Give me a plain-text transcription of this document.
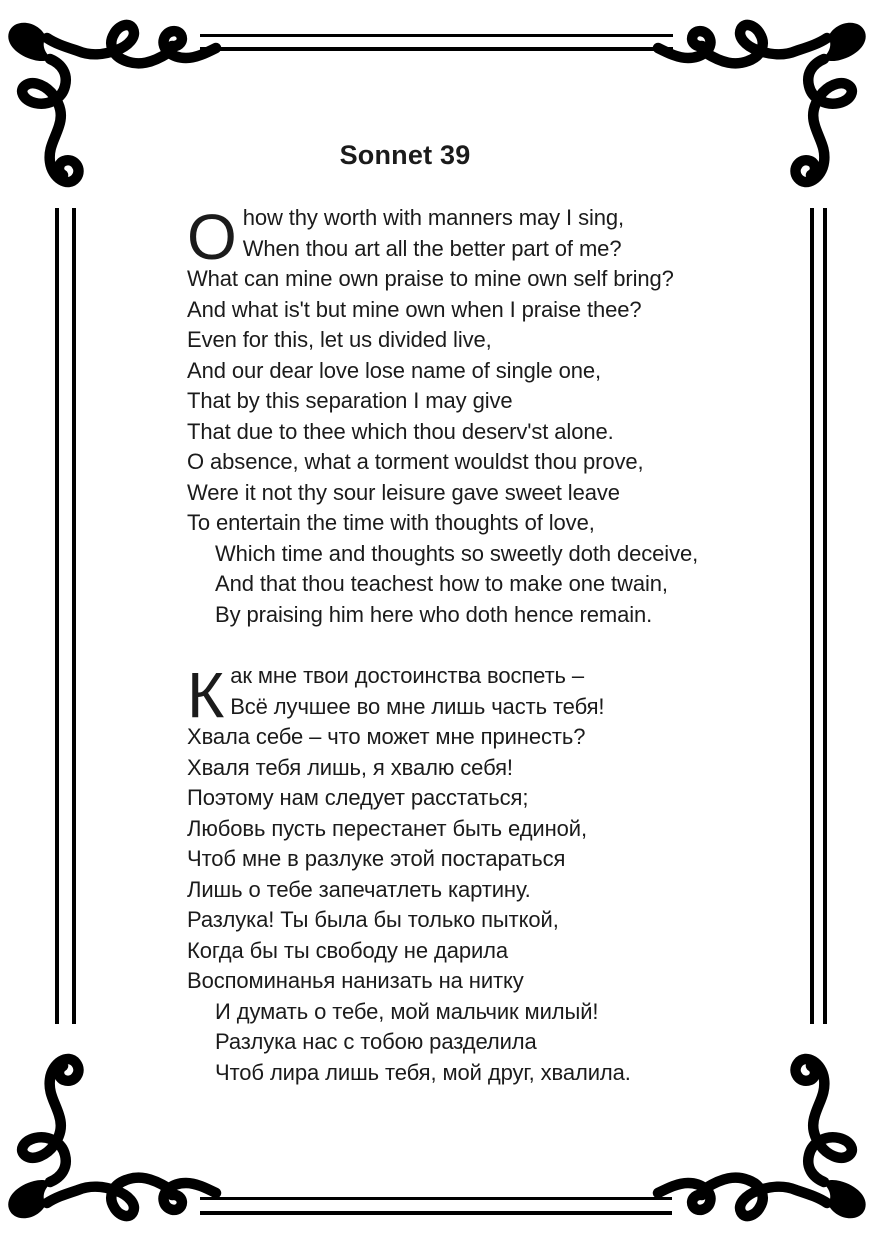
Sonnet 39
O how thy worth with manners may I sing,
When thou art all the better part of me?
What can mine own praise to mine own self bring?
And what is't but mine own when I praise thee?
Even for this, let us divided live,
And our dear love lose name of single one,
That by this separation I may give
That due to thee which thou deserv'st alone.
O absence, what a torment wouldst thou prove,
Were it not thy sour leisure gave sweet leave
To entertain the time with thoughts of love,
Which time and thoughts so sweetly doth deceive,
And that thou teachest how to make one twain,
By praising him here who doth hence remain.
К ак мне твои достоинства воспеть –
Всё лучшее во мне лишь часть тебя!
Хвала себе – что может мне принесть?
Хваля тебя лишь, я хвалю себя!
Поэтому нам следует расстаться;
Любовь пусть перестанет быть единой,
Чтоб мне в разлуке этой постараться
Лишь о тебе запечатлеть картину.
Разлука! Ты была бы только пыткой,
Когда бы ты свободу не дарила
Воспоминанья нанизать на нитку
И думать о тебе, мой мальчик милый!
Разлука нас с тобою разделила
Чтоб лира лишь тебя, мой друг, хвалила.
